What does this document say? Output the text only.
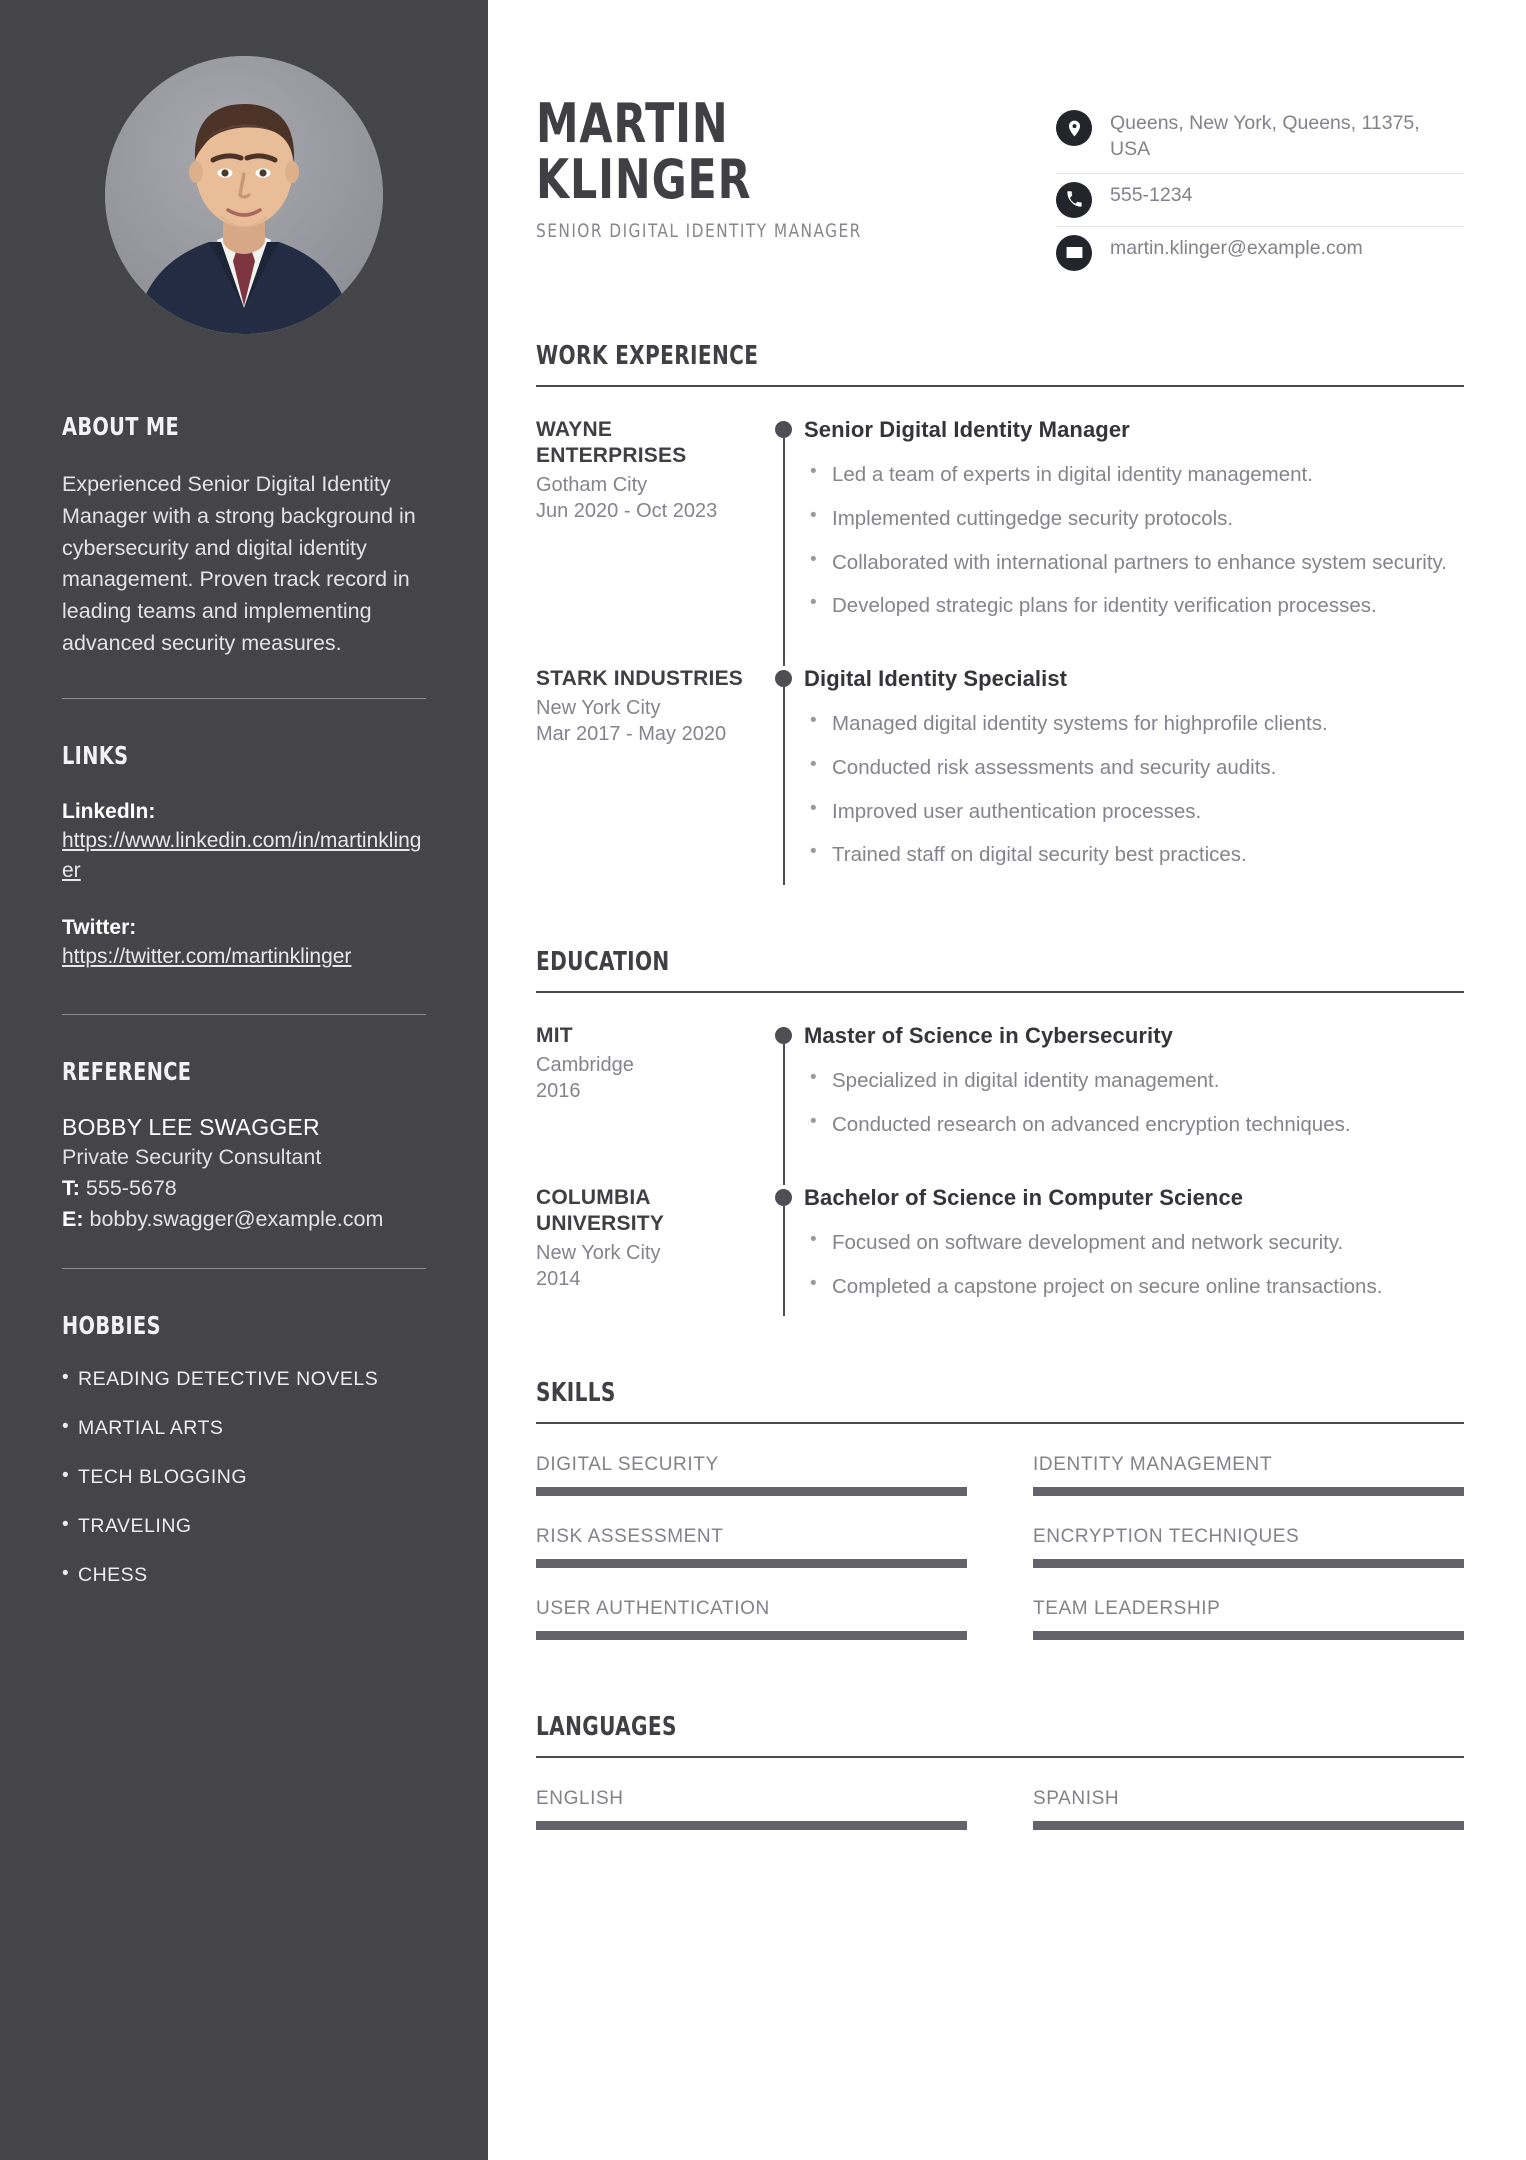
ABOUT ME

Experienced Senior Digital Identity Manager with a strong background in cybersecurity and digital identity management. Proven track record in leading teams and implementing advanced security measures.

LINKS
LinkedIn:
https://www.linkedin.com/in/martinklinger
Twitter:
https://twitter.com/martinklinger
REFERENCE
BOBBY LEE SWAGGER
Private Security Consultant
T: 555-5678
E: bobby.swagger@example.com
HOBBIES
• READING DETECTIVE NOVELS
• MARTIAL ARTS
• TECH BLOGGING
• TRAVELING
• CHESS
MARTIN
KLINGER
SENIOR DIGITAL IDENTITY MANAGER
Queens, New York, Queens, 11375, USA
555-1234
martin.klinger@example.com
WORK EXPERIENCE
WAYNE ENTERPRISES
Gotham City
Jun 2020 - Oct 2023
Senior Digital Identity Manager
• Led a team of experts in digital identity management.
• Implemented cuttingedge security protocols.
• Collaborated with international partners to enhance system security.
• Developed strategic plans for identity verification processes.
STARK INDUSTRIES
New York City
Mar 2017 - May 2020
Digital Identity Specialist
• Managed digital identity systems for highprofile clients.
• Conducted risk assessments and security audits.
• Improved user authentication processes.
• Trained staff on digital security best practices.
EDUCATION
MIT
Cambridge
2016
Master of Science in Cybersecurity
• Specialized in digital identity management.
• Conducted research on advanced encryption techniques.
COLUMBIA UNIVERSITY
New York City
2014
Bachelor of Science in Computer Science
• Focused on software development and network security.
• Completed a capstone project on secure online transactions.
SKILLS
DIGITAL SECURITY	IDENTITY MANAGEMENT
RISK ASSESSMENT	ENCRYPTION TECHNIQUES
USER AUTHENTICATION	TEAM LEADERSHIP
LANGUAGES
ENGLISH	SPANISH
